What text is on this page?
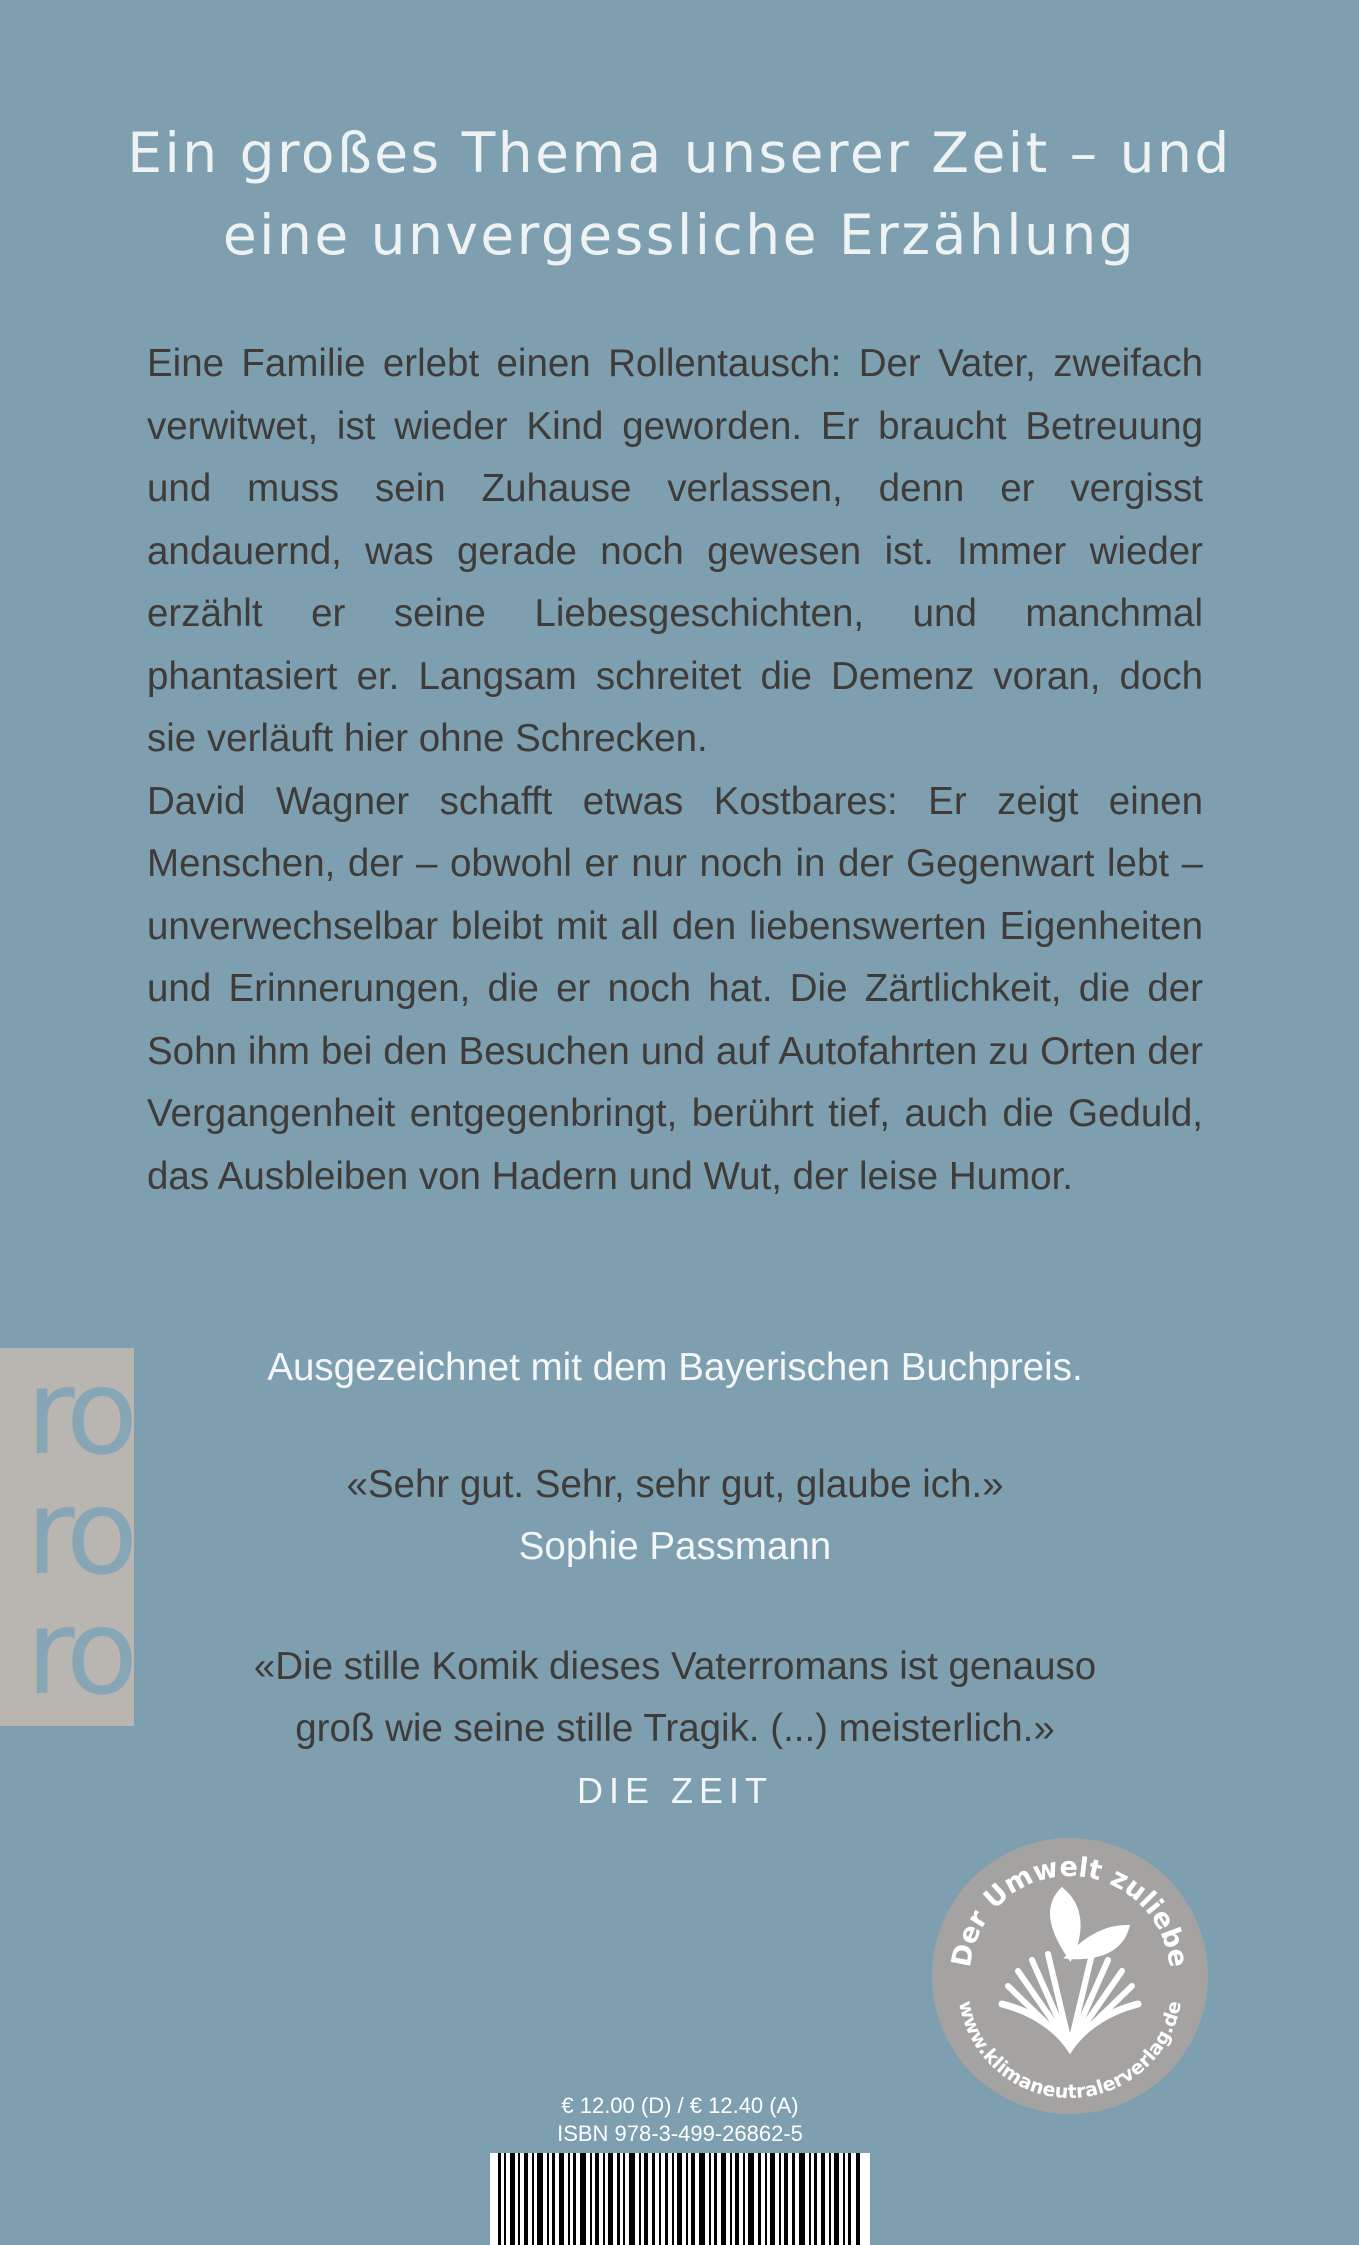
Ein großes Thema unserer Zeit – und
eine unvergessliche Erzählung

Eine Familie erlebt einen Rollentausch: Der Vater, zweifach verwitwet, ist wieder Kind geworden. Er braucht Betreuung und muss sein Zuhause verlassen, denn er vergisst andauernd, was gerade noch gewesen ist. Immer wieder erzählt er seine Liebesgeschichten, und manchmal phantasiert er. Langsam schreitet die Demenz voran, doch sie verläuft hier ohne Schrecken.

David Wagner schafft etwas Kostbares: Er zeigt einen Menschen, der – obwohl er nur noch in der Gegenwart lebt – unverwechselbar bleibt mit all den liebenswerten Eigenheiten und Erinnerungen, die er noch hat. Die Zärtlichkeit, die der Sohn ihm bei den Besuchen und auf Autofahrten zu Orten der Vergangenheit entgegenbringt, berührt tief, auch die Geduld, das Ausbleiben von Hadern und Wut, der leise Humor.

Ausgezeichnet mit dem Bayerischen Buchpreis.

«Sehr gut. Sehr, sehr gut, glaube ich.»
Sophie Passmann

«Die stille Komik dieses Vaterromans ist genauso
groß wie seine stille Tragik. (...) meisterlich.»
DIE ZEIT

ro
ro
ro
Der Umwelt zuliebe
www.klimaneutralerverlag.de

€ 12.00 (D) / € 12.40 (A)
ISBN 978-3-499-26862-5
